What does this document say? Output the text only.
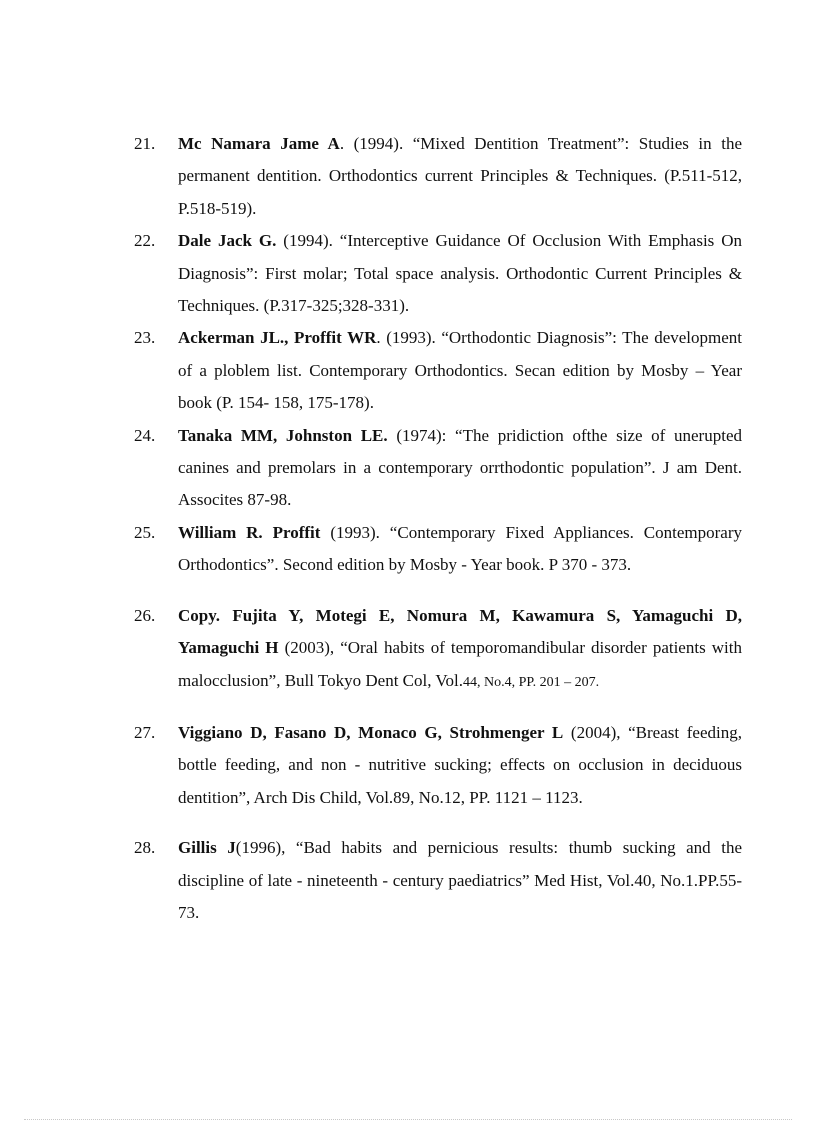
21. Mc Namara Jame A. (1994). “Mixed Dentition Treatment”: Studies in the permanent dentition. Orthodontics current Principles & Techniques. (P.511-512, P.518-519).
22. Dale Jack G. (1994). “Interceptive Guidance Of Occlusion With Emphasis On Diagnosis”: First molar; Total space analysis. Orthodontic Current Principles & Techniques. (P.317-325;328-331).
23. Ackerman JL., Proffit WR. (1993). “Orthodontic Diagnosis”: The development of a ploblem list. Contemporary Orthodontics. Secan edition by Mosby – Year book (P. 154- 158, 175-178).
24. Tanaka MM, Johnston LE. (1974): “The pridiction ofthe size of unerupted canines and premolars in a contemporary orrthodontic population”. J am Dent. Assocites 87-98.
25. William R. Proffit (1993). “Contemporary Fixed Appliances. Contemporary Orthodontics”. Second edition by Mosby - Year book. P 370 - 373.
26. Copy. Fujita Y, Motegi E, Nomura M, Kawamura S, Yamaguchi D, Yamaguchi H (2003), “Oral habits of temporomandibular disorder patients with malocclusion”, Bull Tokyo Dent Col, Vol.44, No.4, PP. 201 – 207.
27. Viggiano D, Fasano D, Monaco G, Strohmenger L (2004), “Breast feeding, bottle feeding, and non - nutritive sucking; effects on occlusion in deciduous dentition”, Arch Dis Child, Vol.89, No.12, PP. 1121 – 1123.
28. Gillis J(1996), “Bad habits and pernicious results: thumb sucking and the discipline of late - nineteenth - century paediatrics” Med Hist, Vol.40, No.1.PP.55-73.
